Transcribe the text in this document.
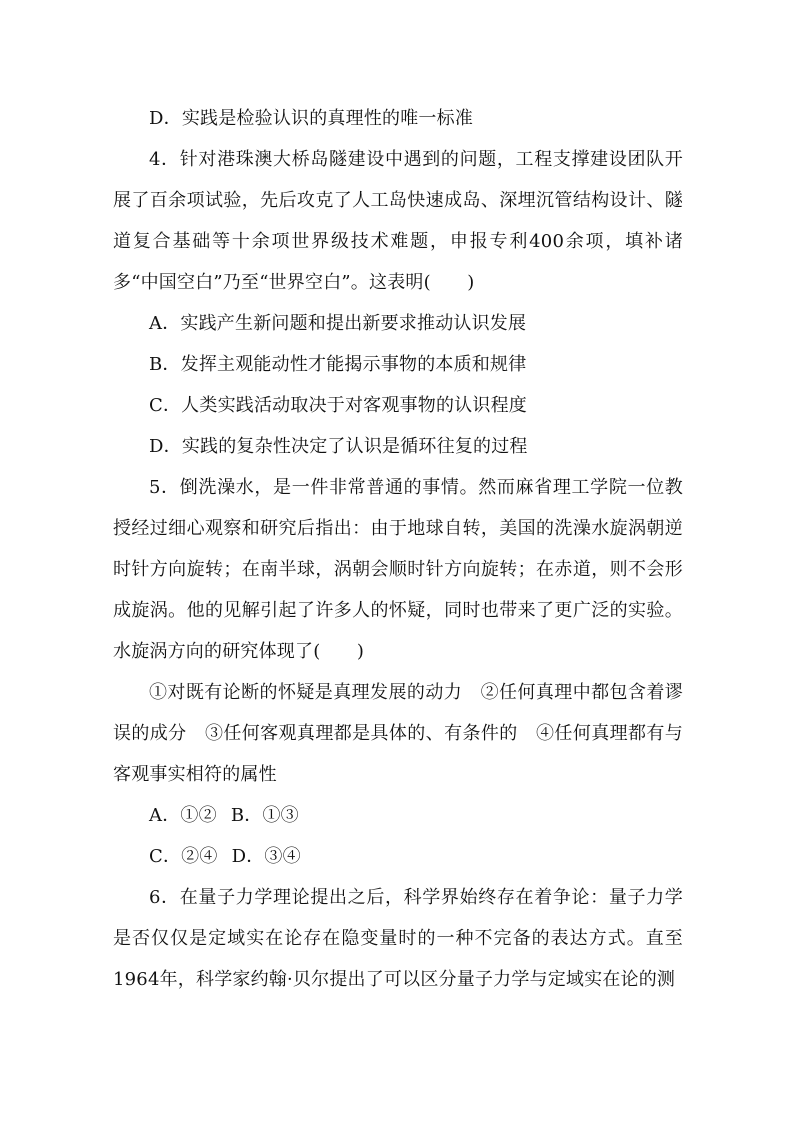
D．实践是检验认识的真理性的唯一标准

4．针对港珠澳大桥岛隧建设中遇到的问题，工程支撑建设团队开展了百余项试验，先后攻克了人工岛快速成岛、深埋沉管结构设计、隧道复合基础等十余项世界级技术难题，申报专利400余项，填补诸多“中国空白”乃至“世界空白”。这表明(　　)

A．实践产生新问题和提出新要求推动认识发展

B．发挥主观能动性才能揭示事物的本质和规律

C．人类实践活动取决于对客观事物的认识程度

D．实践的复杂性决定了认识是循环往复的过程

5．倒洗澡水，是一件非常普通的事情。然而麻省理工学院一位教授经过细心观察和研究后指出：由于地球自转，美国的洗澡水旋涡朝逆时针方向旋转；在南半球，涡朝会顺时针方向旋转；在赤道，则不会形成旋涡。他的见解引起了许多人的怀疑，同时也带来了更广泛的实验。水旋涡方向的研究体现了(　　)

①对既有论断的怀疑是真理发展的动力　②任何真理中都包含着谬误的成分　③任何客观真理都是具体的、有条件的　④任何真理都有与客观事实相符的属性

A．①② B．①③

C．②④ D．③④

6．在量子力学理论提出之后，科学界始终存在着争论：量子力学是否仅仅是定域实在论存在隐变量时的一种不完备的表达方式。直至1964年，科学家约翰·贝尔提出了可以区分量子力学与定域实在论的测
